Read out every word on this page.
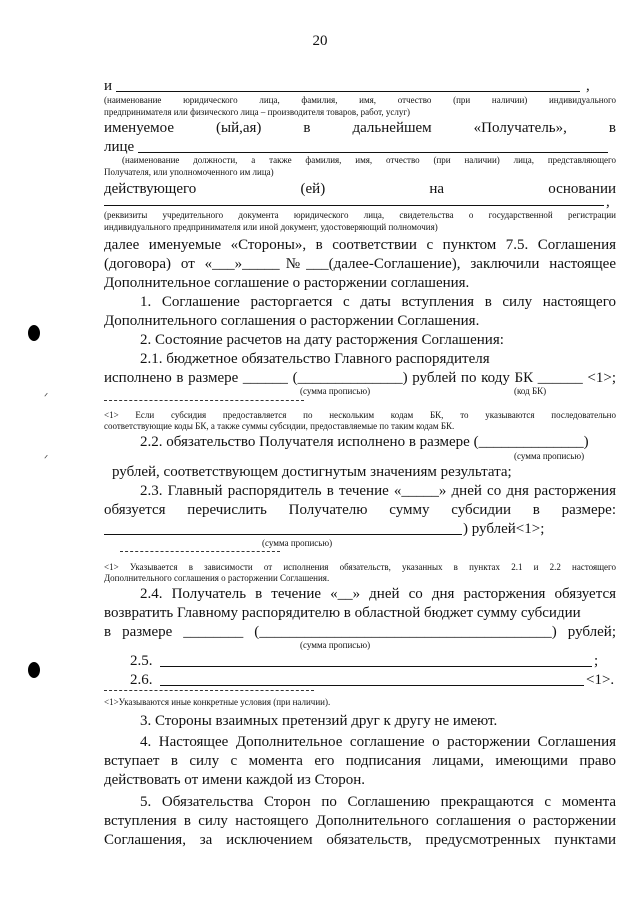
20
ᐟ
ᐟ
и	,
(наименование юридического лица, фамилия, имя, отчество (при наличии) индивидуального
предпринимателя или физического лица – производителя товаров, работ, услуг)
именуемое (ый,ая) в дальнейшем «Получатель», в
лице
(наименование должности, а также фамилия, имя, отчество (при наличии) лица, представляющего
Получателя, или уполномоченного им лица)
действующего (ей) на основании
,
(реквизиты учредительного документа юридического лица, свидетельства о государственной регистрации
индивидуального предпринимателя или иной документ, удостоверяющий полномочия)
далее именуемые «Стороны», в соответствии с пунктом 7.5. Соглашения
(договора) от «___»_____№___(далее-Соглашение), заключили настоящее
Дополнительное соглашение о расторжении соглашения.
1. Соглашение расторгается с даты вступления в силу настоящего
Дополнительного соглашения о расторжении Соглашения.
2. Состояние расчетов на дату расторжения Соглашения:
2.1. бюджетное обязательство Главного распорядителя
исполнено в размере ______ (______________) рублей по коду БК ______ <1>;
(сумма прописью)	(код БК)
<1> Если субсидия предоставляется по нескольким кодам БК, то указываются последовательно
соответствующие коды БК, а также суммы субсидии, предоставляемые по таким кодам БК.
2.2. обязательство Получателя исполнено в размере (______________)
(сумма прописью)
рублей, соответствующем достигнутым значениям результата;
2.3. Главный распорядитель в течение «_____» дней со дня расторжения
обязуется перечислить Получателю сумму субсидии в размере:
) рублей<1>;
(сумма прописью)
<1> Указывается в зависимости от исполнения обязательств, указанных в пунктах 2.1 и 2.2 настоящего
Дополнительного соглашения о расторжении Соглашения.
2.4. Получатель в течение «__» дней со дня расторжения обязуется
возвратить Главному распорядителю в областной бюджет сумму субсидии
в размере ________ (_______________________________________) рублей;
(сумма прописью)
2.5.	;
2.6.	<1>.
<1>Указываются иные конкретные условия (при наличии).
3. Стороны взаимных претензий друг к другу не имеют.
4. Настоящее Дополнительное соглашение о расторжении Соглашения
вступает в силу с момента его подписания лицами, имеющими право
действовать от имени каждой из Сторон.
5. Обязательства Сторон по Соглашению прекращаются с момента
вступления в силу настоящего Дополнительного соглашения о расторжении
Соглашения, за исключением обязательств, предусмотренных пунктами
